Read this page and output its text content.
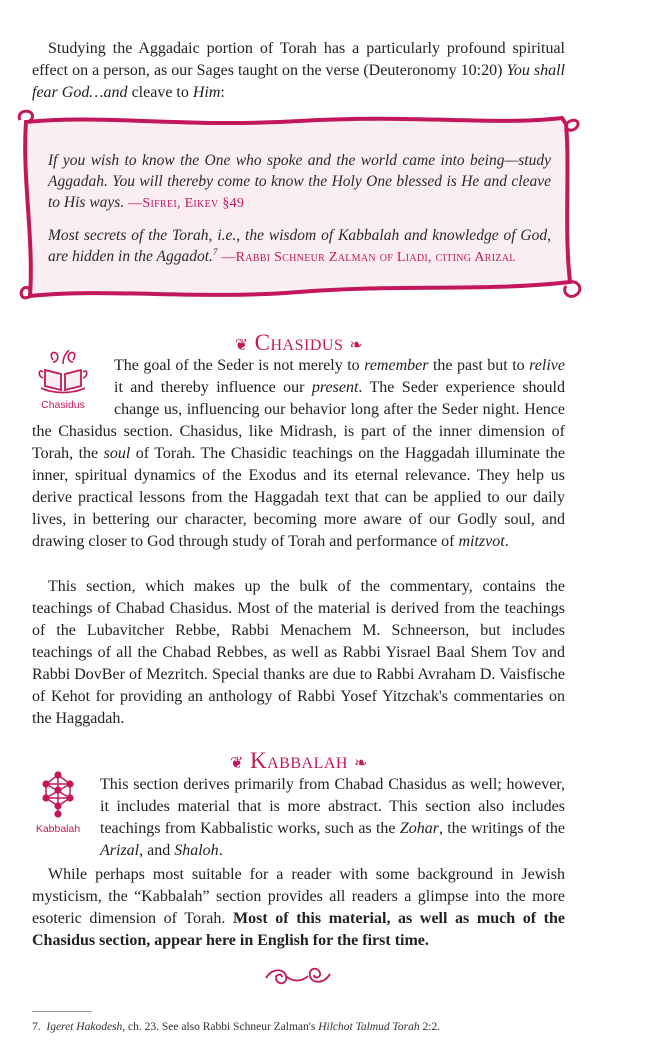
Studying the Aggadaic portion of Torah has a particularly profound spiritual effect on a person, as our Sages taught on the verse (Deuteronomy 10:20) You shall fear God…and cleave to Him:

If you wish to know the One who spoke and the world came into being—study Aggadah. You will thereby come to know the Holy One blessed is He and cleave to His ways. —Sifrei, Eikev §49

Most secrets of the Torah, i.e., the wisdom of Kabbalah and knowledge of God, are hidden in the Aggadot.$^7$ —Rabbi Schneur Zalman of Liadi, citing Arizal

❦ Chasidus ❧
Chasidus

The goal of the Seder is not merely to remember the past but to relive it and thereby influence our present. The Seder experience should change us, influencing our behavior long after the Seder night. Hence the Chasidus section. Chasidus, like Midrash, is part of the inner dimension of Torah, the soul of Torah. The Chasidic teachings on the Haggadah illuminate the inner, spiritual dynamics of the Exodus and its eternal relevance. They help us derive practical lessons from the Haggadah text that can be applied to our daily lives, in bettering our character, becoming more aware of our Godly soul, and drawing closer to God through study of Torah and performance of mitzvot.

This section, which makes up the bulk of the commentary, contains the teachings of Chabad Chasidus. Most of the material is derived from the teachings of the Lubavitcher Rebbe, Rabbi Menachem M. Schneerson, but includes teachings of all the Chabad Rebbes, as well as Rabbi Yisrael Baal Shem Tov and Rabbi DovBer of Mezritch. Special thanks are due to Rabbi Avraham D. Vaisfische of Kehot for providing an anthology of Rabbi Yosef Yitzchak's commentaries on the Haggadah.

❦ Kabbalah ❧
Kabbalah

This section derives primarily from Chabad Chasidus as well; however, it includes material that is more abstract. This section also includes teachings from Kabbalistic works, such as the Zohar, the writings of the Arizal, and Shaloh.

While perhaps most suitable for a reader with some background in Jewish mysticism, the “Kabbalah” section provides all readers a glimpse into the more esoteric dimension of Torah. Most of this material, as well as much of the Chasidus section, appear here in English for the first time.

7. Igeret Hakodesh, ch. 23. See also Rabbi Schneur Zalman's Hilchot Talmud Torah 2:2.
